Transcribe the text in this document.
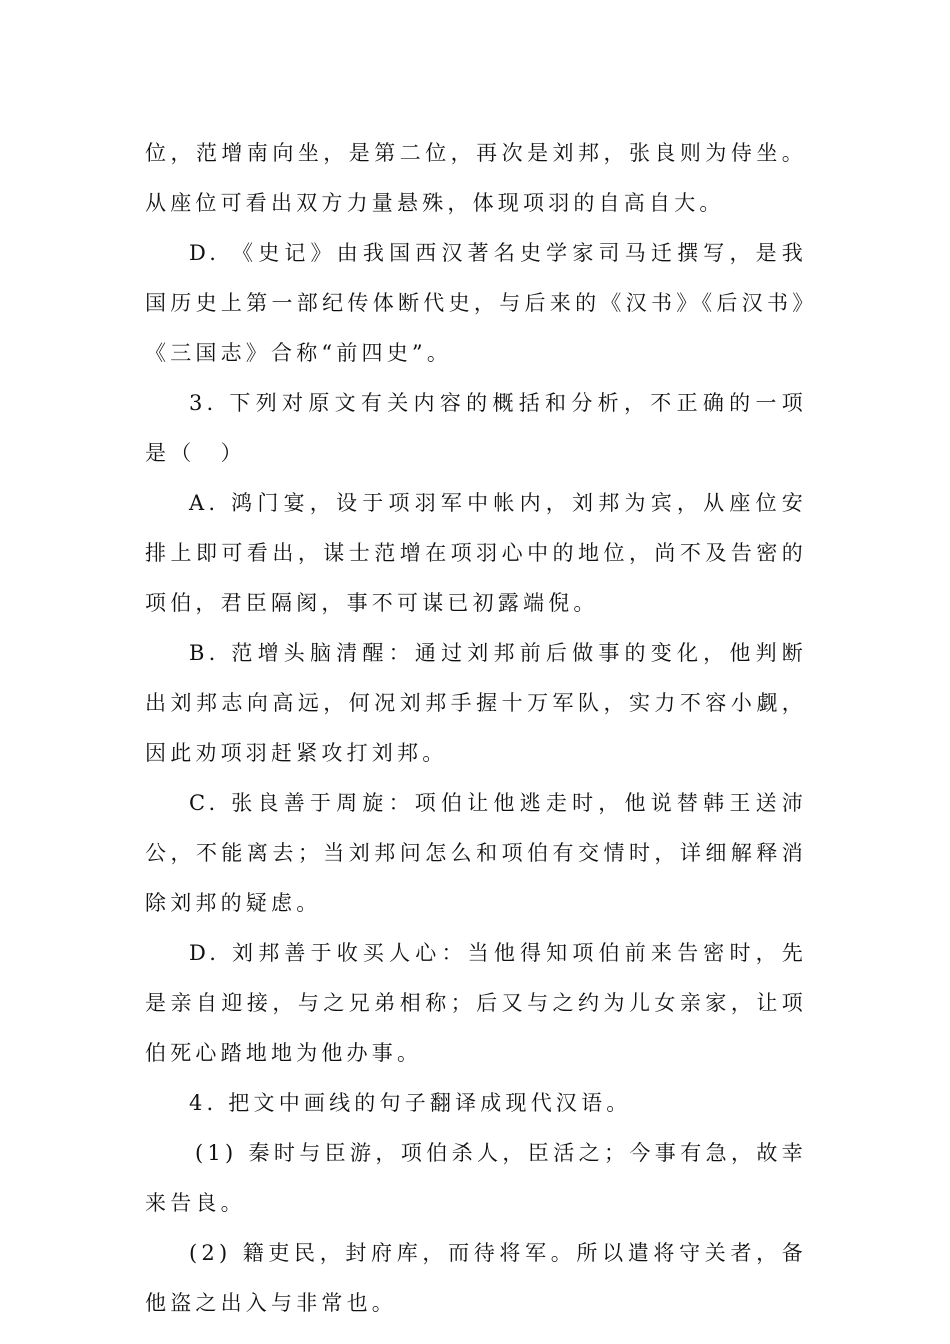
位，范增南向坐，是第二位，再次是刘邦，张良则为侍坐。从座位可看出双方力量悬殊，体现项羽的自高自大。

D. 《史记》由我国西汉著名史学家司马迁撰写，是我国历史上第一部纪传体断代史，与后来的《汉书》《后汉书》《三国志》合称“前四史”。

3. 下列对原文有关内容的概括和分析，不正确的一项是（　）

A. 鸿门宴，设于项羽军中帐内，刘邦为宾，从座位安排上即可看出，谋士范增在项羽心中的地位，尚不及告密的项伯，君臣隔阂，事不可谋已初露端倪。

B. 范增头脑清醒：通过刘邦前后做事的变化，他判断出刘邦志向高远，何况刘邦手握十万军队，实力不容小觑，因此劝项羽赶紧攻打刘邦。

C. 张良善于周旋：项伯让他逃走时，他说替韩王送沛公，不能离去；当刘邦问怎么和项伯有交情时，详细解释消除刘邦的疑虑。

D. 刘邦善于收买人心：当他得知项伯前来告密时，先是亲自迎接，与之兄弟相称；后又与之约为儿女亲家，让项伯死心踏地地为他办事。

4. 把文中画线的句子翻译成现代汉语。

(1) 秦时与臣游，项伯杀人，臣活之；今事有急，故幸来告良。

(2) 籍吏民，封府库，而待将军。所以遣将守关者，备他盗之出入与非常也。
